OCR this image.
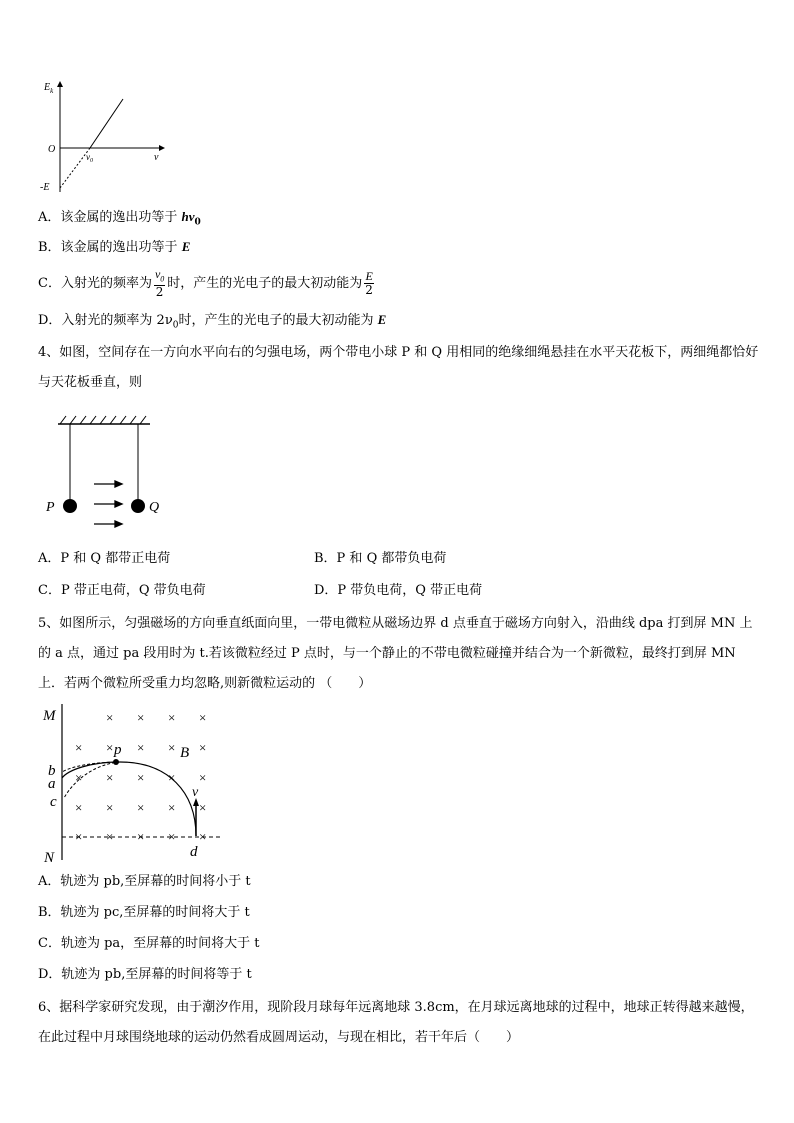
$E_k$
O
$\nu_0$	ν
-E
A．该金属的逸出功等于 $h\nu_0$
B．该金属的逸出功等于 E
C．入射光的频率为 $\frac{\nu_0}{2}$ 时，产生的光电子的最大初动能为 $\frac{E}{2}$
D．入射光的频率为 $2\nu_0$时，产生的光电子的最大初动能为 E
4、如图，空间存在一方向水平向右的匀强电场，两个带电小球 P 和 Q 用相同的绝缘细绳悬挂在水平天花板下，两细绳都恰好与天花板垂直，则
P	Q
A．P 和 Q 都带正电荷	B．P 和 Q 都带负电荷
C．P 带正电荷，Q 带负电荷	D．P 带负电荷，Q 带正电荷
5、如图所示，匀强磁场的方向垂直纸面向里，一带电微粒从磁场边界 d 点垂直于磁场方向射入，沿曲线 dpa 打到屏 MN 上的 a 点，通过 pa 段用时为 t.若该微粒经过 P 点时，与一个静止的不带电微粒碰撞并结合为一个新微粒，最终打到屏 MN 上．若两个微粒所受重力均忽略,则新微粒运动的 （　　）
× × × ×
× × × × ×
× × × × ×
× × × × ×
× × × × ×
M
N
b
a
c
p	B
v
d
A．轨迹为 pb,至屏幕的时间将小于 t
B．轨迹为 pc,至屏幕的时间将大于 t
C．轨迹为 pa，至屏幕的时间将大于 t
D．轨迹为 pb,至屏幕的时间将等于 t
6、据科学家研究发现，由于潮汐作用，现阶段月球每年远离地球 3.8cm，在月球远离地球的过程中，地球正转得越来越慢，在此过程中月球围绕地球的运动仍然看成圆周运动，与现在相比，若干年后（　　）
